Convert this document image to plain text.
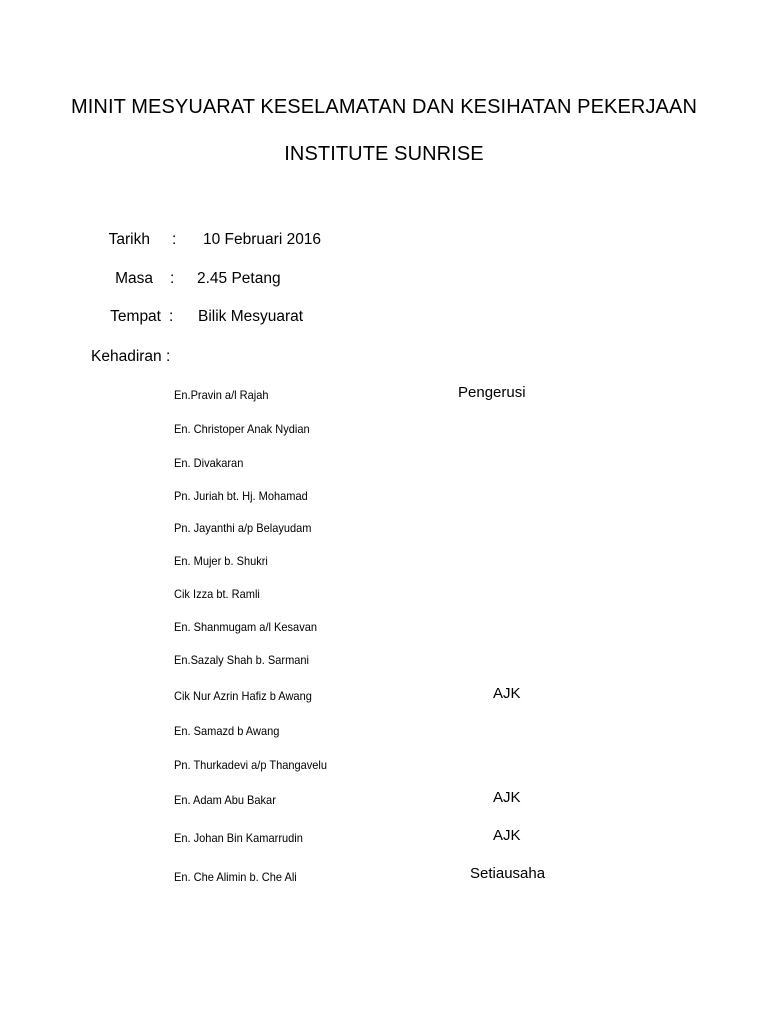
MINIT MESYUARAT KESELAMATAN DAN KESIHATAN PEKERJAAN
INSTITUTE SUNRISE
Tarikh : 10 Februari 2016
Masa : 2.45 Petang
Tempat : Bilik Mesyuarat
Kehadiran :
En.Pravin a/l Rajah	Pengerusi
En. Christoper Anak Nydian
En. Divakaran
Pn. Juriah bt. Hj. Mohamad
Pn. Jayanthi a/p Belayudam
En. Mujer b. Shukri
Cik Izza bt. Ramli
En. Shanmugam a/l Kesavan
En.Sazaly Shah b. Sarmani
Cik Nur Azrin Hafiz b Awang	AJK
En. Samazd b Awang
Pn. Thurkadevi a/p Thangavelu
En. Adam Abu Bakar	AJK
En. Johan Bin Kamarrudin	AJK
En. Che Alimin b. Che Ali	Setiausaha
